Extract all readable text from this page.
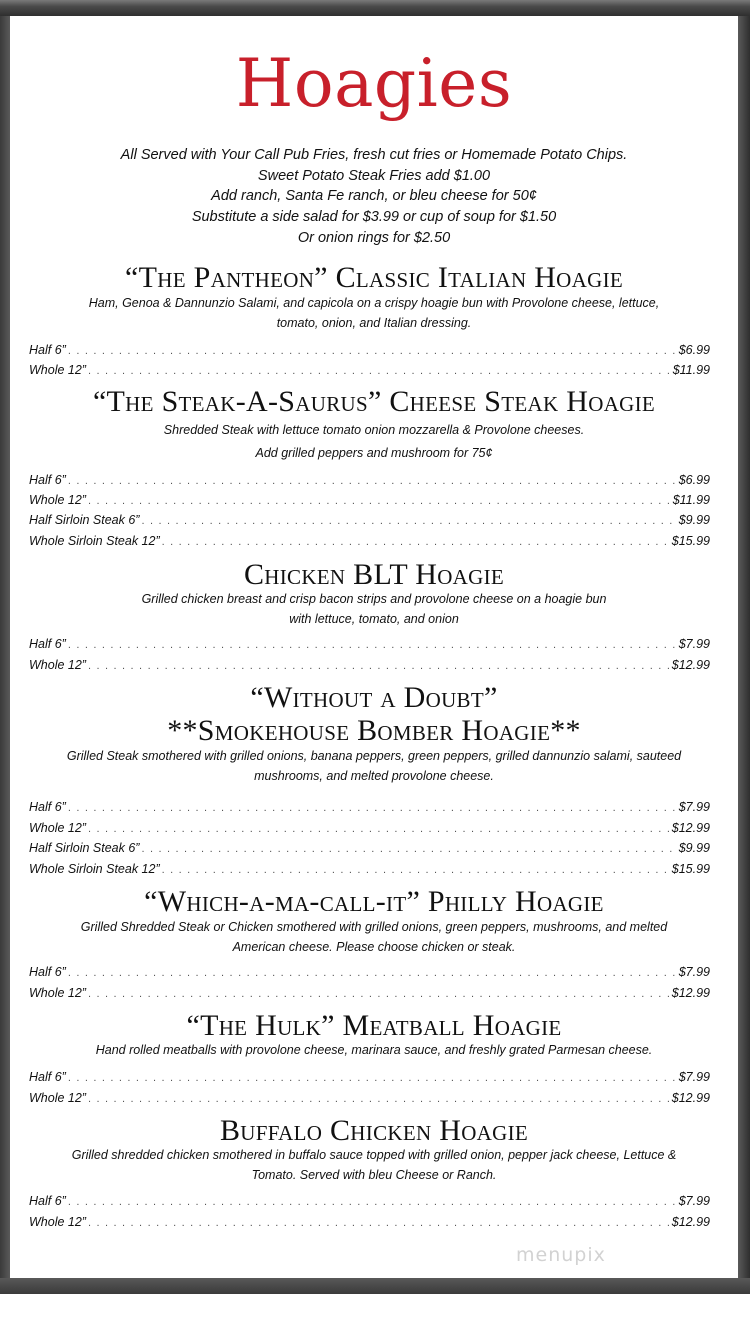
Hoagies
All Served with Your Call Pub Fries, fresh cut fries or Homemade Potato Chips.
Sweet Potato Steak Fries add $1.00
Add ranch, Santa Fe ranch, or bleu cheese for 50¢
Substitute a side salad for $3.99 or cup of soup for $1.50
Or onion rings for $2.50
“The Pantheon” Classic Italian Hoagie
Ham, Genoa & Dannunzio Salami, and capicola on a crispy hoagie bun with Provolone cheese, lettuce,
tomato, onion, and Italian dressing.
Half 6” . . .	$6.99
Whole 12” . . .	$11.99
“The Steak-A-Saurus” Cheese Steak Hoagie
Shredded Steak with lettuce tomato onion mozzarella & Provolone cheeses.
Add grilled peppers and mushroom for 75¢
Half 6” . . .	$6.99
Whole 12” . . .	$11.99
Half Sirloin Steak 6” . . .	$9.99
Whole Sirloin Steak 12” . . .	$15.99
Chicken BLT Hoagie
Grilled chicken breast and crisp bacon strips and provolone cheese on a hoagie bun
with lettuce, tomato, and onion
Half 6” . . .	$7.99
Whole 12” . . .	$12.99
“Without a Doubt”
**Smokehouse Bomber Hoagie**
Grilled Steak smothered with grilled onions, banana peppers, green peppers, grilled dannunzio salami, sauteed
mushrooms, and melted provolone cheese.
Half 6” . . .	$7.99
Whole 12” . . .	$12.99
Half Sirloin Steak 6” . . .	$9.99
Whole Sirloin Steak 12” . . .	$15.99
“Which-a-ma-call-it” Philly Hoagie
Grilled Shredded Steak or Chicken smothered with grilled onions, green peppers, mushrooms, and melted
American cheese. Please choose chicken or steak.
Half 6” . . .	$7.99
Whole 12” . . .	$12.99
“The Hulk” Meatball Hoagie
Hand rolled meatballs with provolone cheese, marinara sauce, and freshly grated Parmesan cheese.
Half 6” . . .	$7.99
Whole 12” . . .	$12.99
Buffalo Chicken Hoagie
Grilled shredded chicken smothered in buffalo sauce topped with grilled onion, pepper jack cheese, Lettuce &
Tomato. Served with bleu Cheese or Ranch.
Half 6” . . .	$7.99
Whole 12” . . .	$12.99
menupix
